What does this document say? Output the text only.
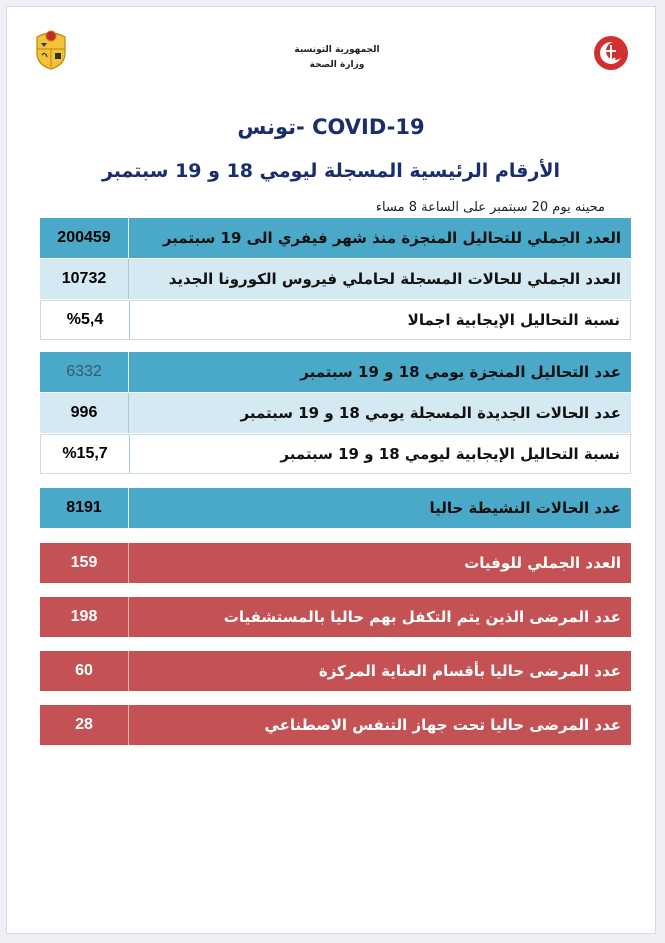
الجمهورية التونسية
وزارة الصحة
COVID-19 -تونس
الأرقام الرئيسية المسجلة ليومي 18 و 19 سبتمبر
محينه يوم 20 سبتمبر على الساعة 8 مساء
200459	العدد الجملي للتحاليل المنجزة منذ شهر فيفري الى 19 سبتمبر
10732	العدد الجملي للحالات المسجلة لحاملي فيروس الكورونا الجديد
%5,4	نسبة التحاليل الإيجابية اجمالا
6332	عدد التحاليل المنجزة يومي 18 و 19 سبتمبر
996	عدد الحالات الجديدة المسجلة يومي 18 و 19 سبتمبر
%15,7	نسبة التحاليل الإيجابية ليومي 18 و 19 سبتمبر
8191	عدد الحالات النشيطة حاليا
159	العدد الجملي للوفيات
198	عدد المرضى الذين يتم التكفل بهم حاليا بالمستشفيات
60	عدد المرضى حاليا بأقسام العناية المركزة
28	عدد المرضى حاليا تحت جهاز التنفس الاصطناعي
